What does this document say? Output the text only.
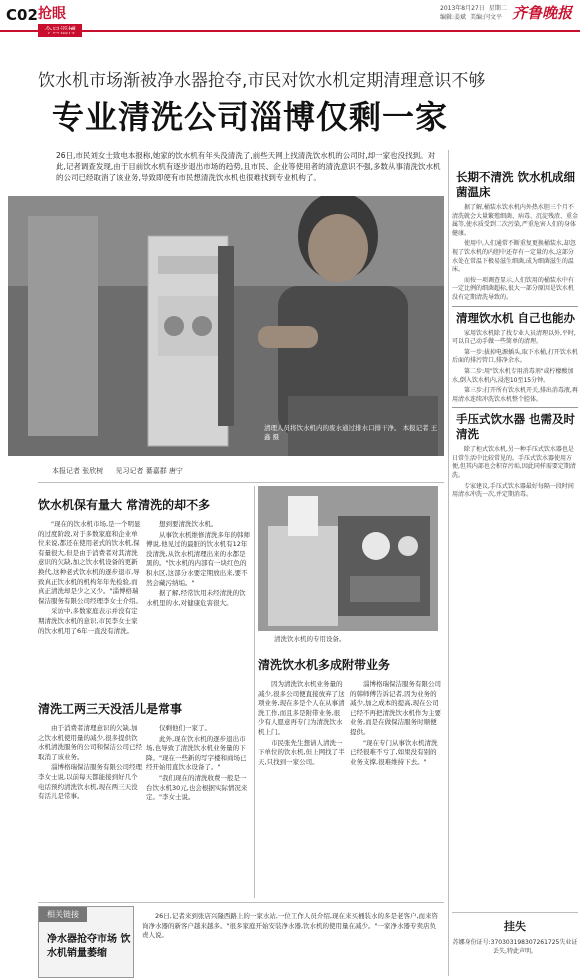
C02 抢眼	2013年8月27日 星期二
编辑:姜斌 美编:闫文平 齐鲁晚报
饮水机市场渐被净水器抢夺,市民对饮水机定期清理意识不够
专业清洗公司淄博仅剩一家
26日,市民刘女士致电本报称,她家的饮水机有年头没清洗了,前些天网上找清洗饮水机的公司时,却一家也没找到。对此,记者调查发现,由于目前饮水机有逐步退出市场的趋势,且市民、企业等使用者的清洗意识不强,多数从事清洗饮水机的公司已经取消了该业务,导致即使有市民想清洗饮水机也很难找到专业机构了。
清理人员将饮水机内的废水通过排水口排干净。 本报记者 王鑫 摄
本报记者 张欣树 见习记者 綦嘉群 唐宁
饮水机保有量大 常清洗的却不多

"现在的饮水机市场,是一个明显的过度阶段,对于多数家庭和企业单位来说,都还在使用老式的饮水机,保有量很大,但是由于消费者对其清洗意识的欠缺,加之饮水机设备的更新换代,这种老式饮水机的逐步退市,导致真正饮水机的机构年年先检验,而真正清洗却是少之又少。"淄博格瑞保洁服务有限公司经理李女士介绍。

采访中,多数家庭表示并没有定期清洗饮水机的意识,市民李女士家的饮水机用了6年一直没有清洗。

想到要清洗饮水机。

从事饮水机维修清洗多年的韩师傅说,他见过的最脏的饮水机有12年没清洗,从饮水机清理出来的水都是黑的。"饮水机的内部有一块红色的积水区,这部分水要定期放出来,要不然会藏污纳垢。"

据了解,经常饮用未经清洗的饮水机里的水,对健康危害很大。

清洗饮水机的专用设备。
清洗工两三天没活儿是常事

由于消费者清理意识的欠缺,加之饮水机使用量的减少,很多提供饮水机清洗服务的公司和保洁公司已经取消了该业务。

淄博格瑞保洁服务有限公司经理李女士说,以前每天都能接到好几个电话预约清洗饮水机,现在两三天没有活儿是常事。

仅剩他们一家了。

此外,现在饮水机的逐步退出市场,也导致了清洗饮水机业务量的下降。"现在一些新的写字楼和商场已经开始用直饮水设备了。"

"我们现在的清洗收费一般是一台饮水机30元,也会根据实际情况来定。"李女士说。

清洗饮水机多成附带业务

因为清洗饮水机业务量的减少,很多公司便直接放弃了这项业务,现在多是个人在从事清洗工作,而且多是附带业务,很少有人愿意再专门为清洗饮水机上门。

市民张先生想请人清洗一下单位的饮水机,但上网找了半天,只找到一家公司。

淄博格瑞保洁服务有限公司的韩师傅告诉记者,因为业务的减少,加之成本的提高,现在公司已经不再把清洗饮水机作为主要业务,而是在做保洁服务时顺便提供。

"现在专门从事饮水机清洗已经很难不亏了,如果没有别的业务支撑,很难维持下去。"

26日,记者来到张店兴隆西路上的一家水站,一位工作人员介绍,现在来买桶装水的多是老客户,而来咨询净水器的新客户越来越多。"很多家庭开始安装净水器,饮水机的使用量在减少。"一家净水器专卖店负责人说。

相关链接
净水器抢夺市场 饮水机销量萎缩
长期不清洗 饮水机成细菌温床
据了解,桶装水饮水机内外热水胆三个月不清洗就会大量繁殖细菌、病毒、沉淀残渣、重金属等,使水质受到二次污染,严重危害人们的身体健康。
使用中,人们通常不断重复更换桶装水,却忽视了饮水机的内胆中还存有一定量的水,这部分水处在常温下极易滋生细菌,成为细菌滋生的温床。
而按一项调查显示,人们饮用的桶装水中有一定比例的细菌超标,很大一部分原因是饮水机没有定期清洗导致的。
清理饮水机 自己也能办
家用饮水机除了找专业人员清理以外,平时,可以自己动手做一些简单的清理。
第一步:拔掉电源插头,取下水桶,打开饮水机后面的排污管口,排净余水。
第二步:用"饮水机专用消毒剂"或柠檬酸加水,倒入饮水机内,浸泡10至15分钟。
第三步:打开所有饮水机开关,排出消毒液,再用清水连续冲洗饮水机整个腔体。
手压式饮水器 也需及时清洗
除了柜式饮水机,另一种手压式饮水器也是日常生活中比较常见的。手压式饮水器使用方便,但其内部也会积存污垢,因此同样需要定期清洗。
专家建议,手压式饮水器最好每隔一段时间用清水冲洗一次,并定期消毒。
挂失
苏娜身份证号:370303198307261725失业证丢失,特此声明。
